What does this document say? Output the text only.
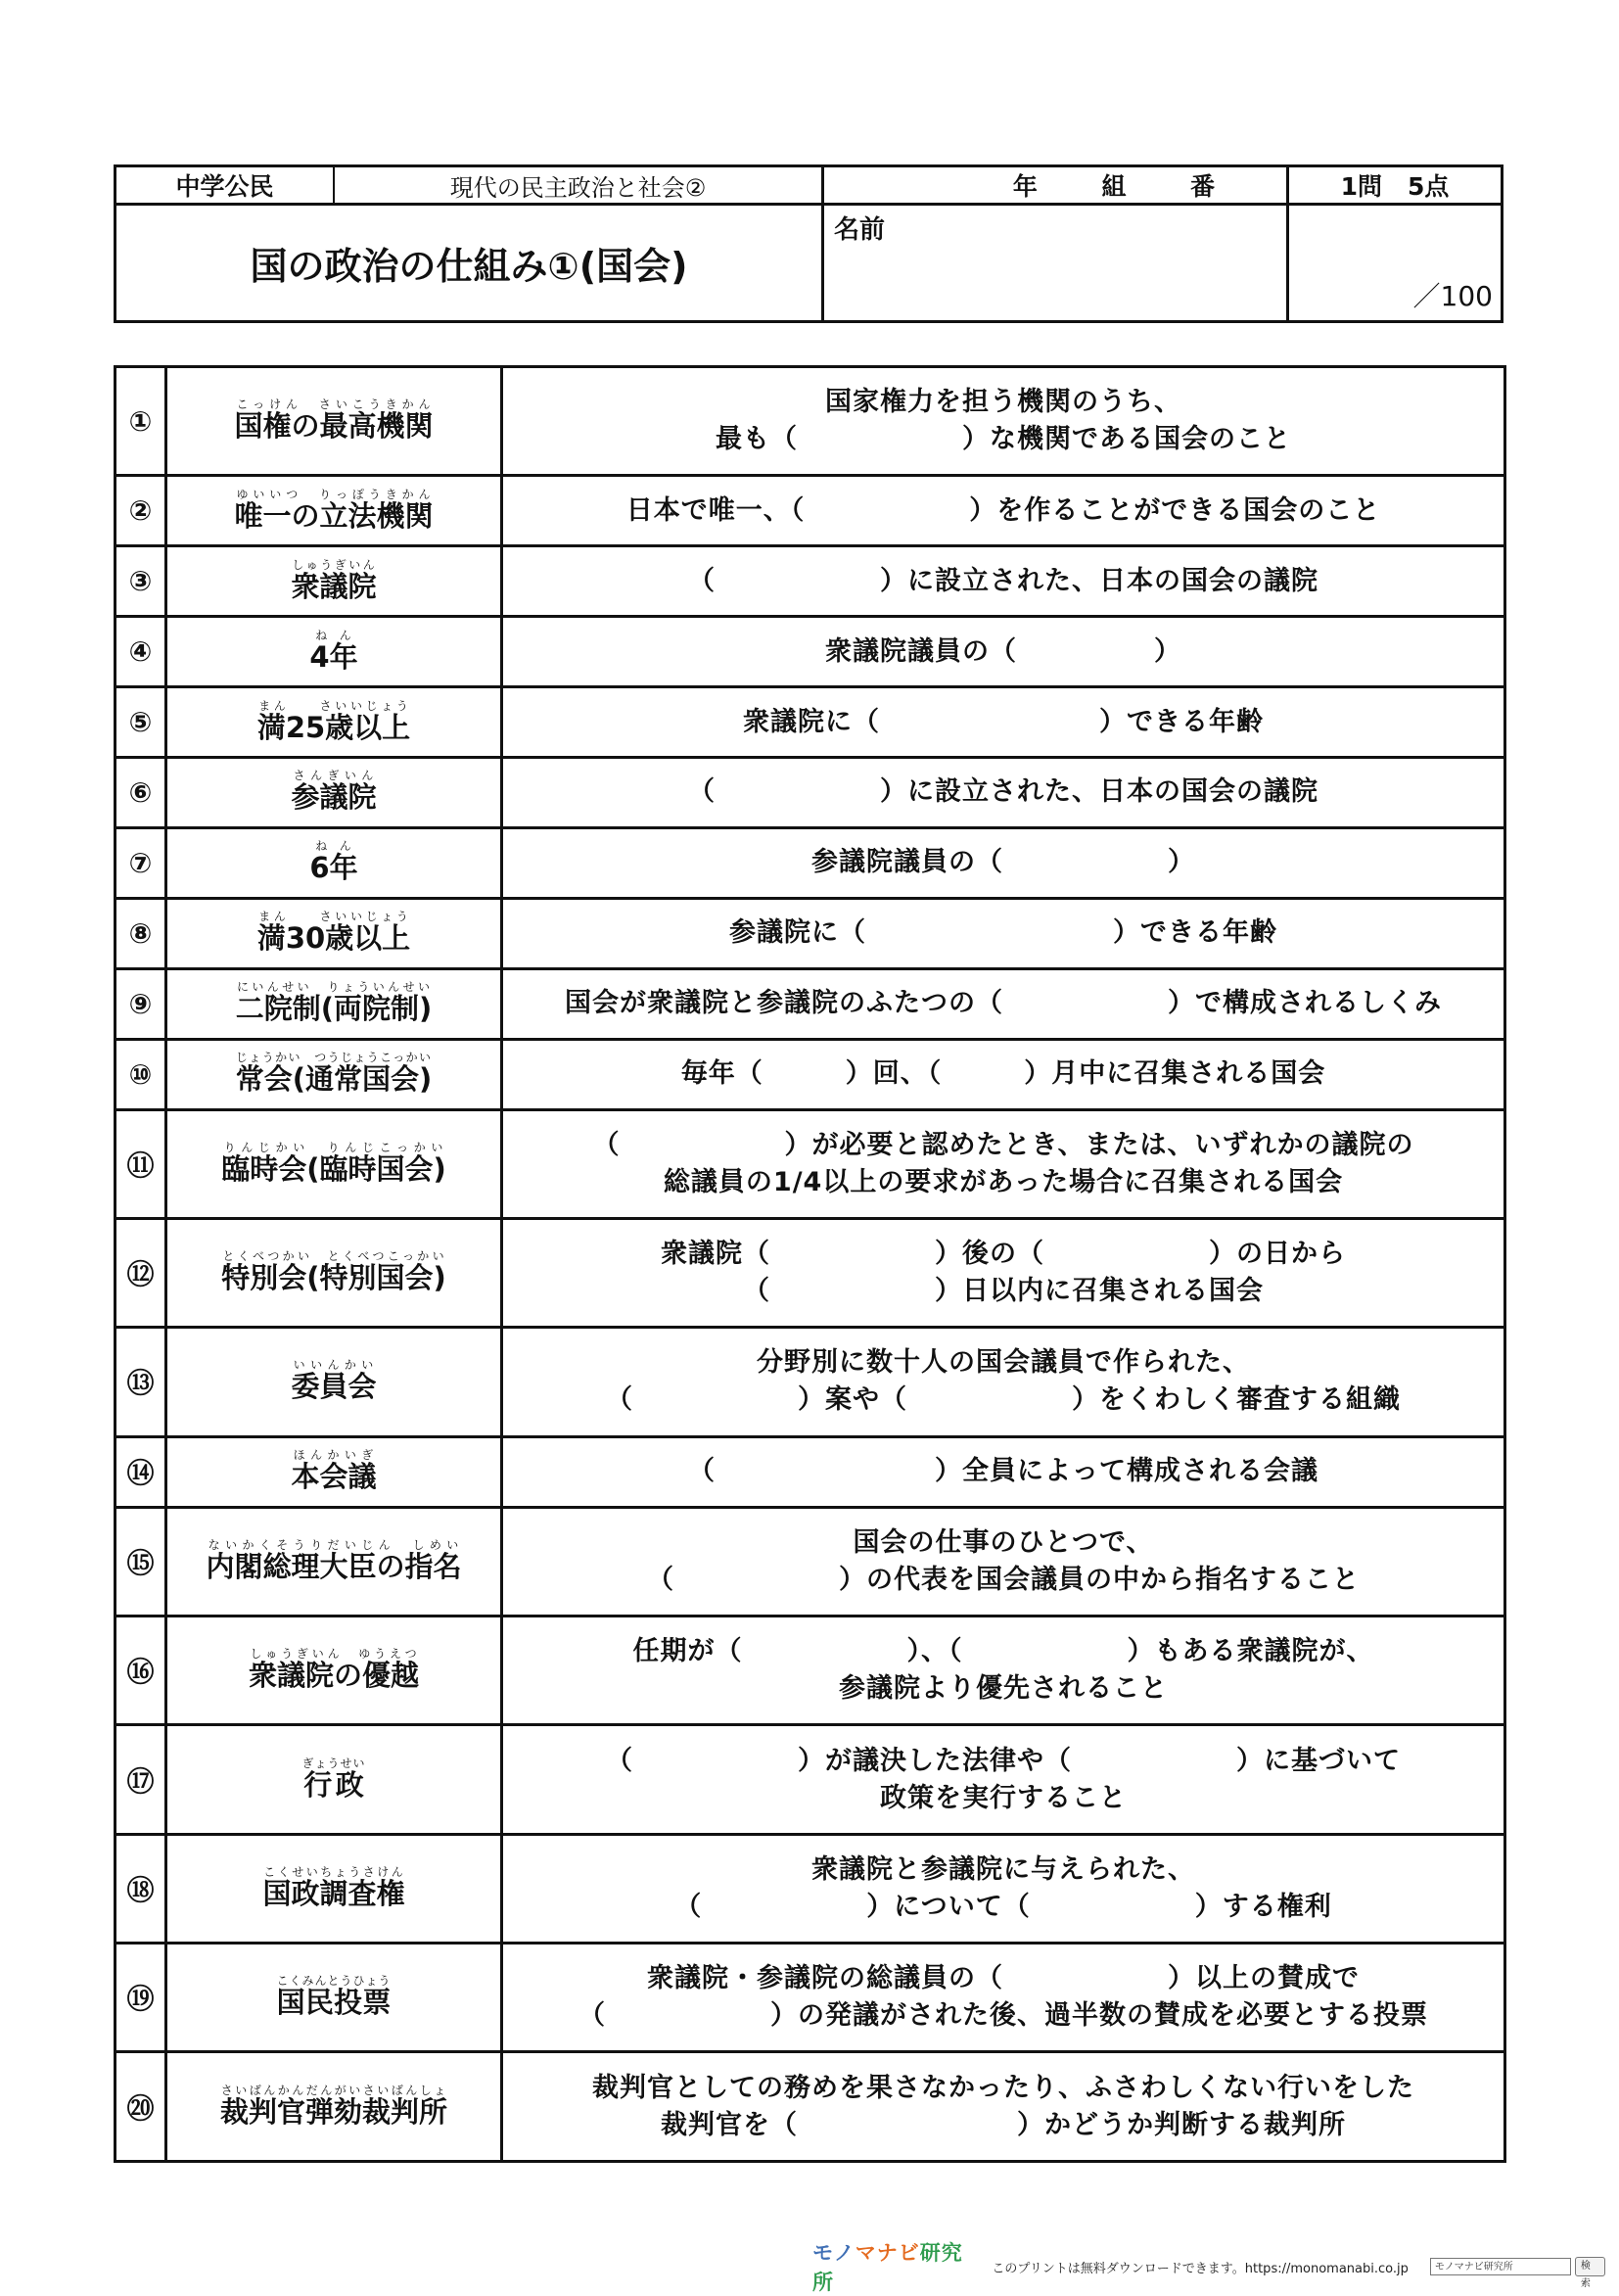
中学公民	現代の民主政治と社会②	年	組	番	1問 5点
国の政治の仕組み①(国会)
名前
／100
①	国権の最高機関こっけん　さいこうきかん	国家権力を担う機関のうち、
最も（　　　　　　）な機関である国会のこと

②	唯一の立法機関ゆいいつ　りっぽうきかん	日本で唯一、（　　　　　　）を作ることができる国会のこと

③	衆議院しゅうぎいん	（　　　　　　）に設立された、日本の国会の議院

④	4年ねん	衆議院議員の（　　　　　）

⑤	満25歳以上まん　　さいいじょう	衆議院に（　　　　　　　　）できる年齢

⑥	参議院さんぎいん	（　　　　　　）に設立された、日本の国会の議院

⑦	6年ねん	参議院議員の（　　　　　　）

⑧	満30歳以上まん　　さいいじょう	参議院に（　　　　　　　　　）できる年齢

⑨	二院制(両院制)にいんせい　りょういんせい	国会が衆議院と参議院のふたつの（　　　　　　）で構成されるしくみ

⑩	常会(通常国会)じょうかい　つうじょうこっかい	毎年（　　　）回、（　　　）月中に召集される国会

⑪	臨時会(臨時国会)りんじかい　りんじこっかい	（　　　　　　）が必要と認めたとき、または、いずれかの議院の
総議員の1/4以上の要求があった場合に召集される国会

⑫	特別会(特別国会)とくべつかい　とくべつこっかい	衆議院（　　　　　　）後の（　　　　　　）の日から
（　　　　　　）日以内に召集される国会

⑬	委員会いいんかい	分野別に数十人の国会議員で作られた、
（　　　　　　）案や（　　　　　　）をくわしく審査する組織

⑭	本会議ほんかいぎ	（　　　　　　　　）全員によって構成される会議

⑮	内閣総理大臣の指名ないかくそうりだいじん　しめい	国会の仕事のひとつで、
（　　　　　　）の代表を国会議員の中から指名すること

⑯	衆議院の優越しゅうぎいん　ゆうえつ	任期が（　　　　　　）、（　　　　　　）もある衆議院が、
参議院より優先されること

⑰	行政ぎょうせい	（　　　　　　）が議決した法律や（　　　　　　）に基づいて
政策を実行すること

⑱	国政調査権こくせいちょうさけん	衆議院と参議院に与えられた、
（　　　　　　）について（　　　　　　）する権利

⑲	国民投票こくみんとうひょう	衆議院・参議院の総議員の（　　　　　　）以上の賛成で
（　　　　　　）の発議がされた後、過半数の賛成を必要とする投票

⑳	裁判官弾劾裁判所さいばんかんだんがいさいばんしょ	裁判官としての務めを果さなかったり、ふさわしくない行いをした
裁判官を（　　　　　　　　）かどうか判断する裁判所
モノマナビ研究所
このプリントは無料ダウンロードできます。https://monomanabi.co.jp	モノマナビ研究所	検索
